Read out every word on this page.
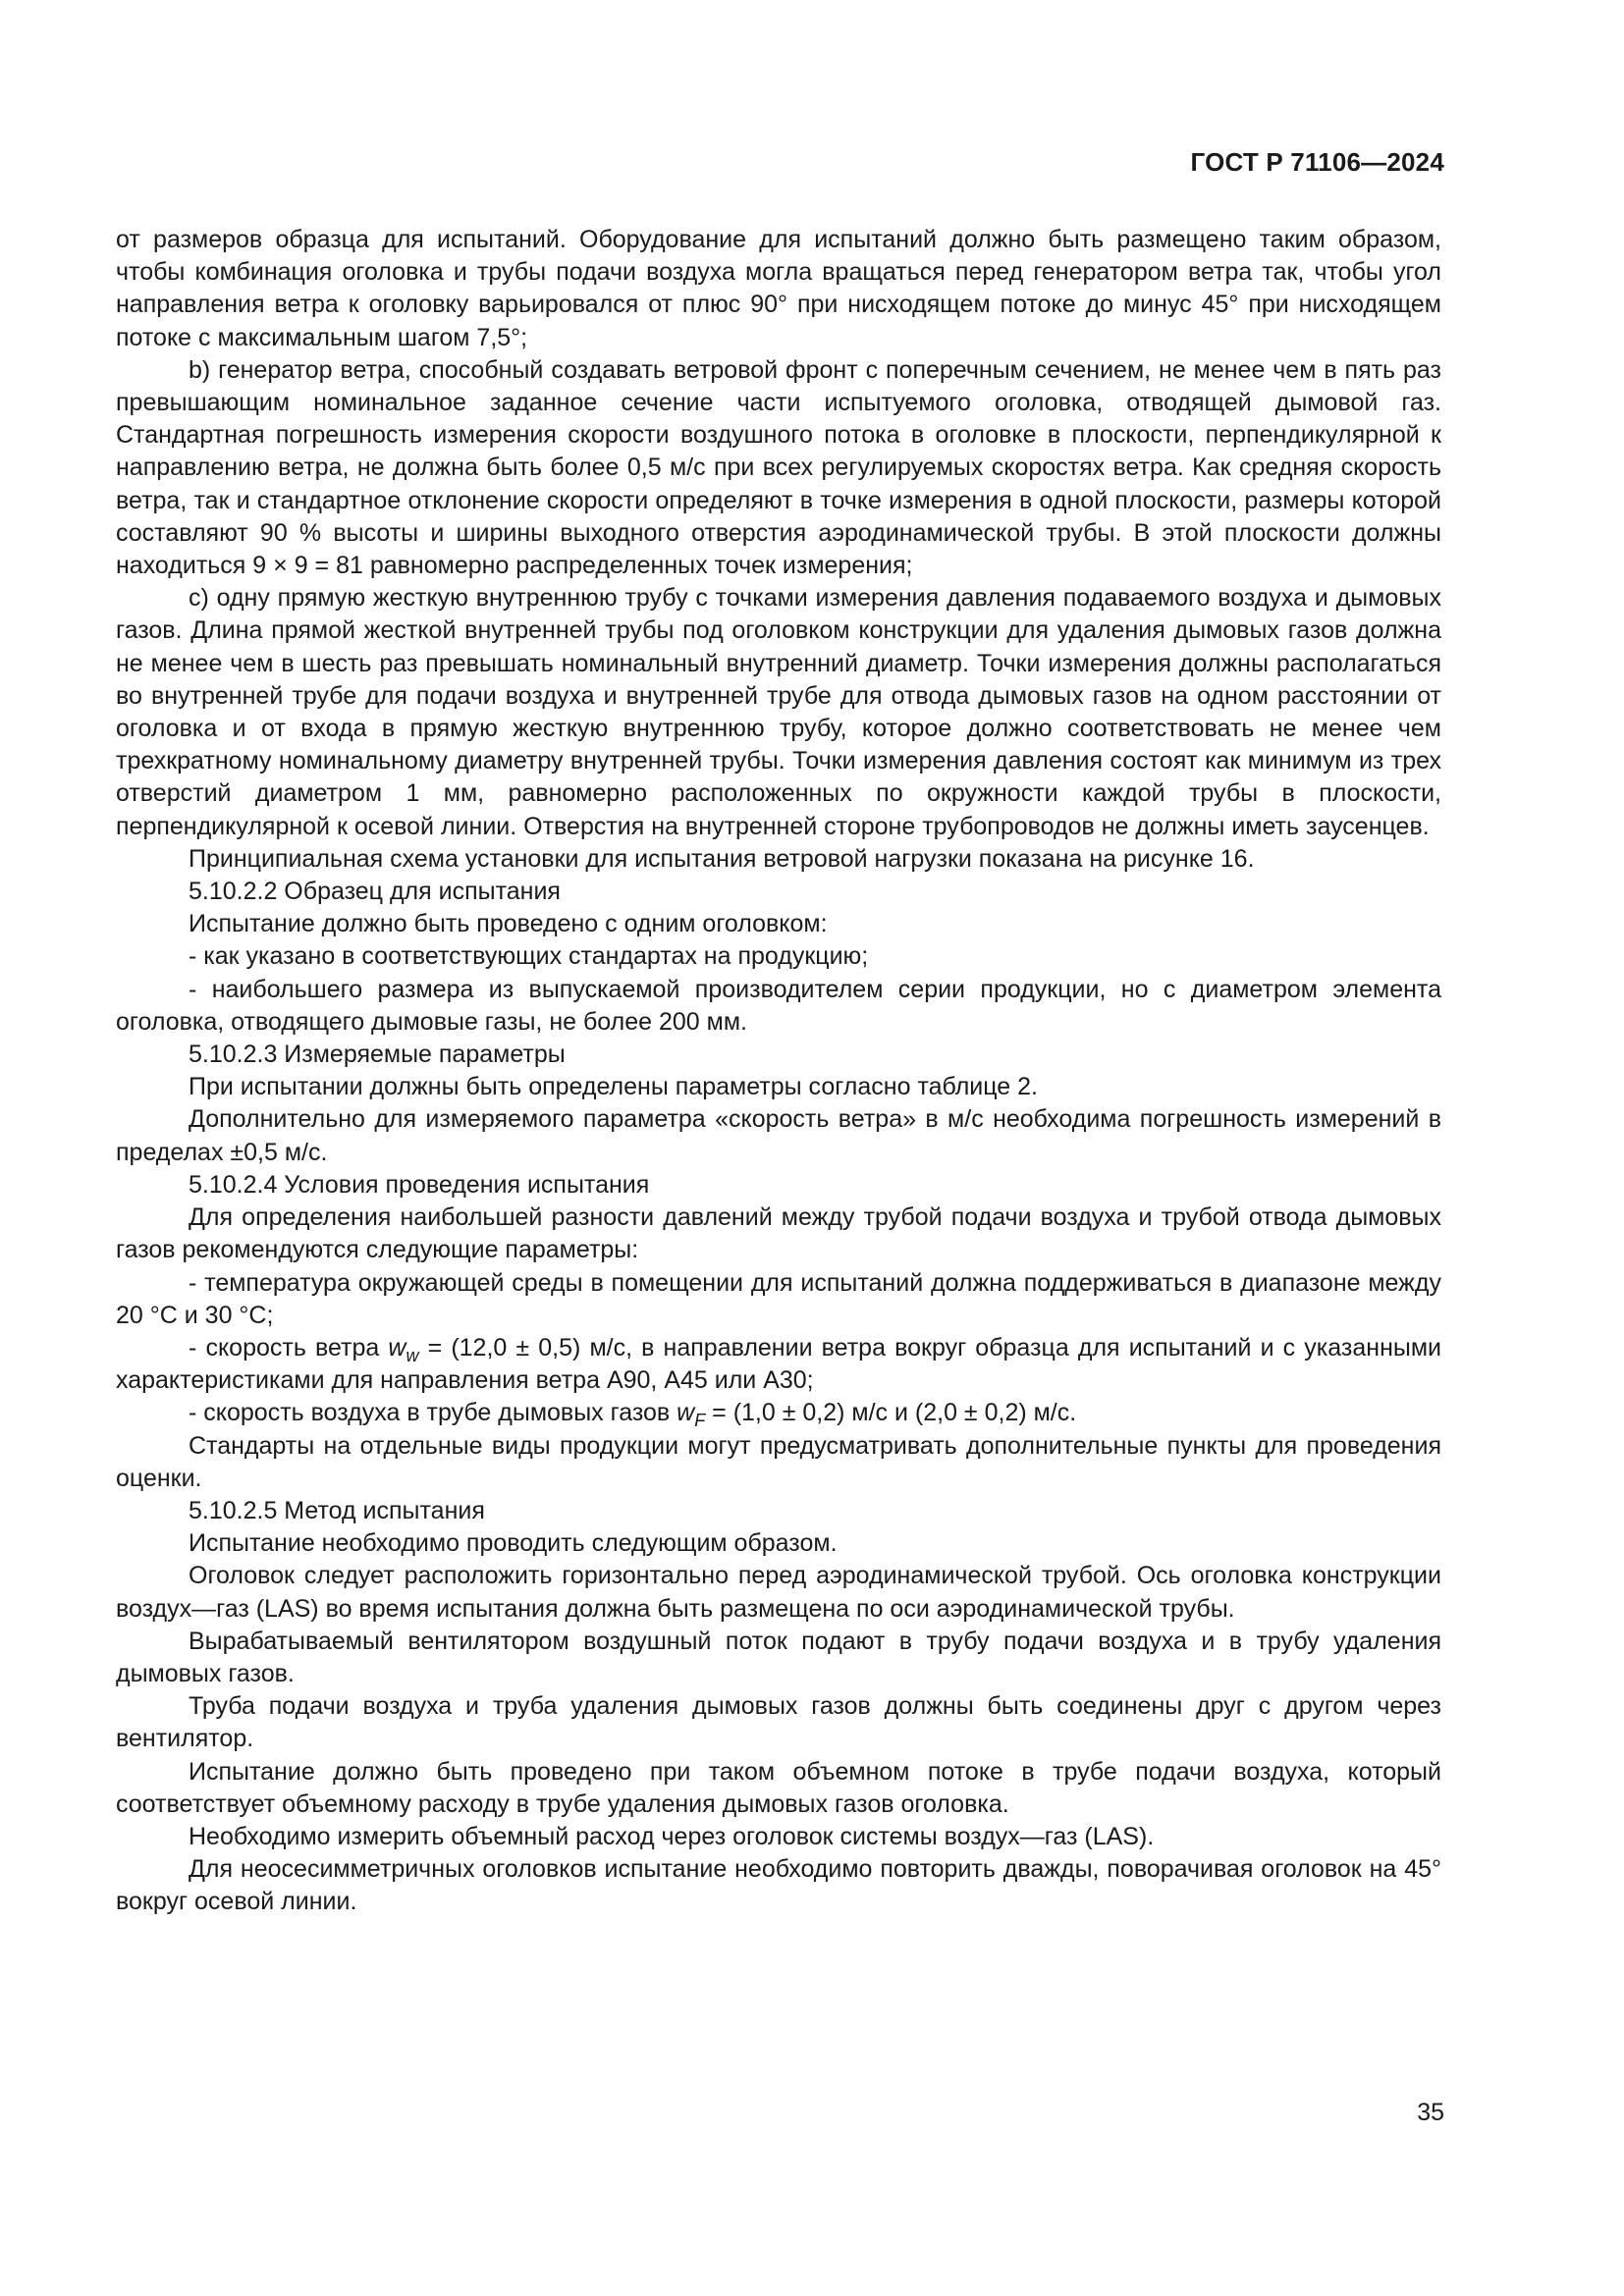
ГОСТ Р 71106—2024

от размеров образца для испытаний. Оборудование для испытаний должно быть размещено таким образом, чтобы комбинация оголовка и трубы подачи воздуха могла вращаться перед генератором ветра так, чтобы угол направления ветра к оголовку варьировался от плюс 90° при нисходящем потоке до минус 45° при нисходящем потоке с максимальным шагом 7,5°;

b) генератор ветра, способный создавать ветровой фронт с поперечным сечением, не менее чем в пять раз превышающим номинальное заданное сечение части испытуемого оголовка, отводящей дымовой газ. Стандартная погрешность измерения скорости воздушного потока в оголовке в плоскости, перпендикулярной к направлению ветра, не должна быть более 0,5 м/с при всех регулируемых скоростях ветра. Как средняя скорость ветра, так и стандартное отклонение скорости определяют в точке измерения в одной плоскости, размеры которой составляют 90 % высоты и ширины выходного отверстия аэродинамической трубы. В этой плоскости должны находиться 9 × 9 = 81 равномерно распределенных точек измерения;

c) одну прямую жесткую внутреннюю трубу с точками измерения давления подаваемого воздуха и дымовых газов. Длина прямой жесткой внутренней трубы под оголовком конструкции для удаления дымовых газов должна не менее чем в шесть раз превышать номинальный внутренний диаметр. Точки измерения должны располагаться во внутренней трубе для подачи воздуха и внутренней трубе для отвода дымовых газов на одном расстоянии от оголовка и от входа в прямую жесткую внутреннюю трубу, которое должно соответствовать не менее чем трехкратному номинальному диаметру внутренней трубы. Точки измерения давления состоят как минимум из трех отверстий диаметром 1 мм, равномерно расположенных по окружности каждой трубы в плоскости, перпендикулярной к осевой линии. Отверстия на внутренней стороне трубопроводов не должны иметь заусенцев.

Принципиальная схема установки для испытания ветровой нагрузки показана на рисунке 16.

5.10.2.2 Образец для испытания

Испытание должно быть проведено с одним оголовком:

- как указано в соответствующих стандартах на продукцию;

- наибольшего размера из выпускаемой производителем серии продукции, но с диаметром элемента оголовка, отводящего дымовые газы, не более 200 мм.

5.10.2.3 Измеряемые параметры

При испытании должны быть определены параметры согласно таблице 2.

Дополнительно для измеряемого параметра «скорость ветра» в м/с необходима погрешность измерений в пределах ±0,5 м/с.

5.10.2.4 Условия проведения испытания

Для определения наибольшей разности давлений между трубой подачи воздуха и трубой отвода дымовых газов рекомендуются следующие параметры:

- температура окружающей среды в помещении для испытаний должна поддерживаться в диапазоне между 20 °С и 30 °С;

- скорость ветра $w_w = (12,0 \pm 0,5)$ м/с, в направлении ветра вокруг образца для испытаний и с указанными характеристиками для направления ветра А90, А45 или А30;

- скорость воздуха в трубе дымовых газов $w_F = (1,0 \pm 0,2)$ м/с и (2,0 ± 0,2) м/с.

Стандарты на отдельные виды продукции могут предусматривать дополнительные пункты для проведения оценки.

5.10.2.5 Метод испытания

Испытание необходимо проводить следующим образом.

Оголовок следует расположить горизонтально перед аэродинамической трубой. Ось оголовка конструкции воздух—газ (LAS) во время испытания должна быть размещена по оси аэродинамической трубы.

Вырабатываемый вентилятором воздушный поток подают в трубу подачи воздуха и в трубу удаления дымовых газов.

Труба подачи воздуха и труба удаления дымовых газов должны быть соединены друг с другом через вентилятор.

Испытание должно быть проведено при таком объемном потоке в трубе подачи воздуха, который соответствует объемному расходу в трубе удаления дымовых газов оголовка.

Необходимо измерить объемный расход через оголовок системы воздух—газ (LAS).

Для неосесимметричных оголовков испытание необходимо повторить дважды, поворачивая оголовок на 45° вокруг осевой линии.

35
